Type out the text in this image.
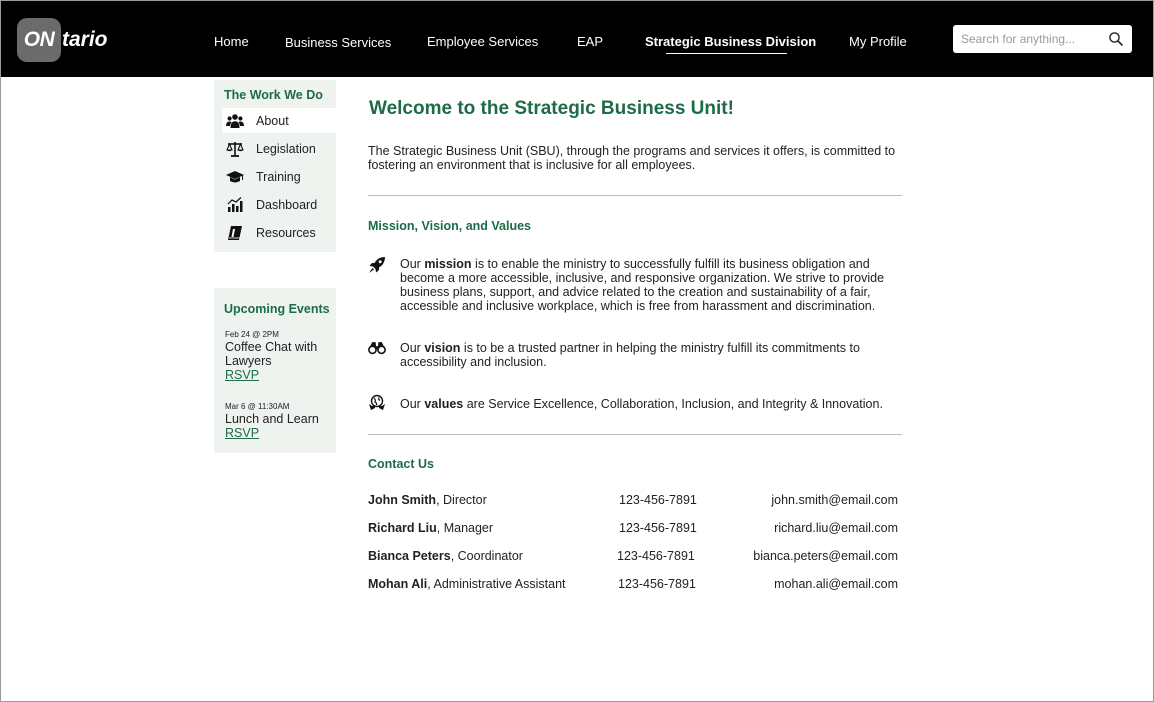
ON tario	Home	Business Services	Employee Services	EAP	Strategic Business Division	My Profile
Search for anything...
The Work We Do
About
Legislation
Training
Dashboard
Resources
Upcoming Events
Feb 24 @ 2PM
Coffee Chat with Lawyers
RSVP
Mar 6 @ 11:30AM
Lunch and Learn
RSVP
Welcome to the Strategic Business Unit!

The Strategic Business Unit (SBU), through the programs and services it offers, is committed to fostering an environment that is inclusive for all employees.

Mission, Vision, and Values

Our mission is to enable the ministry to successfully fulfill its business obligation and become a more accessible, inclusive, and responsive organization. We strive to provide business plans, support, and advice related to the creation and sustainability of a fair, accessible and inclusive workplace, which is free from harassment and discrimination.

Our vision is to be a trusted partner in helping the ministry fulfill its commitments to accessibility and inclusion.

Our values are Service Excellence, Collaboration, Inclusion, and Integrity & Innovation.

Contact Us
John Smith, Director	123-456-7891	john.smith@email.com
Richard Liu, Manager	123-456-7891	richard.liu@email.com
Bianca Peters, Coordinator	123-456-7891	bianca.peters@email.com
Mohan Ali, Administrative Assistant	123-456-7891	mohan.ali@email.com
